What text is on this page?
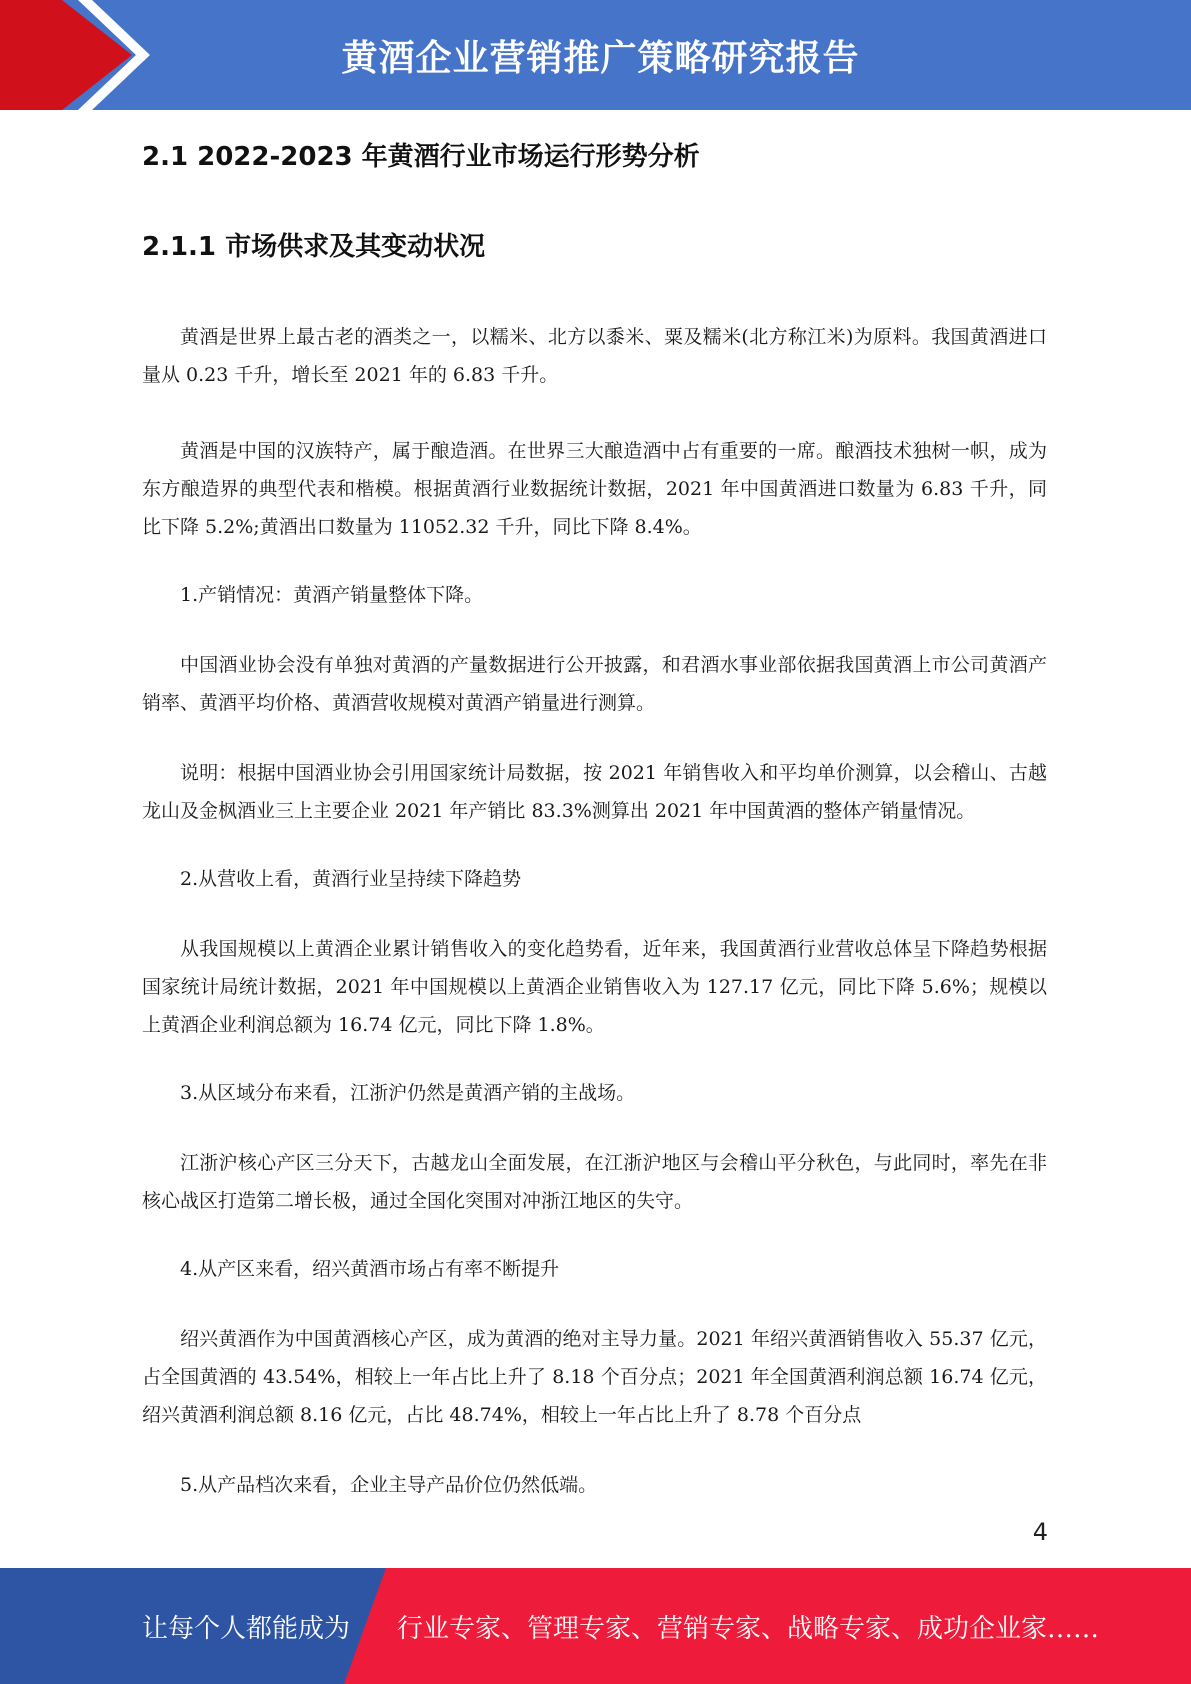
黄酒企业营销推广策略研究报告
2.1 2022-2023 年黄酒行业市场运行形势分析
2.1.1 市场供求及其变动状况

黄酒是世界上最古老的酒类之一，以糯米、北方以黍米、粟及糯米(北方称江米)为原料。我国黄酒进口量从 0.23 千升，增长至 2021 年的 6.83 千升。

黄酒是中国的汉族特产，属于酿造酒。在世界三大酿造酒中占有重要的一席。酿酒技术独树一帜，成为东方酿造界的典型代表和楷模。根据黄酒行业数据统计数据，2021 年中国黄酒进口数量为 6.83 千升，同比下降 5.2%;黄酒出口数量为 11052.32 千升，同比下降 8.4%。

1.产销情况：黄酒产销量整体下降。

中国酒业协会没有单独对黄酒的产量数据进行公开披露，和君酒水事业部依据我国黄酒上市公司黄酒产销率、黄酒平均价格、黄酒营收规模对黄酒产销量进行测算。

说明：根据中国酒业协会引用国家统计局数据，按 2021 年销售收入和平均单价测算，以会稽山、古越龙山及金枫酒业三上主要企业 2021 年产销比 83.3%测算出 2021 年中国黄酒的整体产销量情况。

2.从营收上看，黄酒行业呈持续下降趋势

从我国规模以上黄酒企业累计销售收入的变化趋势看，近年来，我国黄酒行业营收总体呈下降趋势根据国家统计局统计数据，2021 年中国规模以上黄酒企业销售收入为 127.17 亿元，同比下降 5.6%；规模以上黄酒企业利润总额为 16.74 亿元，同比下降 1.8%。

3.从区域分布来看，江浙沪仍然是黄酒产销的主战场。

江浙沪核心产区三分天下，古越龙山全面发展，在江浙沪地区与会稽山平分秋色，与此同时，率先在非核心战区打造第二增长极，通过全国化突围对冲浙江地区的失守。

4.从产区来看，绍兴黄酒市场占有率不断提升

绍兴黄酒作为中国黄酒核心产区，成为黄酒的绝对主导力量。2021 年绍兴黄酒销售收入 55.37 亿元，占全国黄酒的 43.54%，相较上一年占比上升了 8.18 个百分点；2021 年全国黄酒利润总额 16.74 亿元，绍兴黄酒利润总额 8.16 亿元，占比 48.74%，相较上一年占比上升了 8.78 个百分点

5.从产品档次来看，企业主导产品价位仍然低端。

4
让每个人都能成为 行业专家、管理专家、营销专家、战略专家、成功企业家……
